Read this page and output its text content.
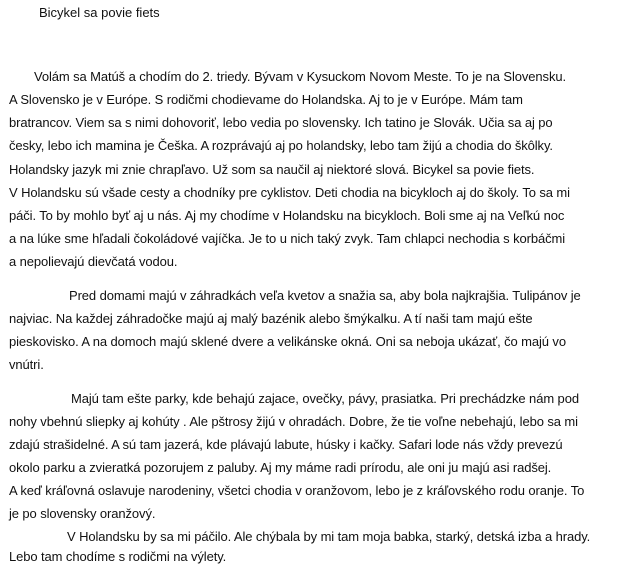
Bicykel sa povie fiets
Volám sa Matúš a chodím do 2. triedy. Bývam v Kysuckom Novom Meste. To je na Slovensku.
A Slovensko je v Európe. S rodičmi chodievame do Holandska. Aj to je v Európe. Mám tam
bratrancov. Viem sa s nimi dohovoriť, lebo vedia po slovensky. Ich tatino je Slovák. Učia sa aj po
česky, lebo ich mamina je Češka. A rozprávajú aj po holandsky, lebo tam žijú a chodia do škôlky.
Holandsky jazyk mi znie chrapľavo. Už som sa naučil aj niektoré slová. Bicykel sa povie fiets.
V Holandsku sú všade cesty a chodníky pre cyklistov. Deti chodia na bicykloch aj do školy. To sa mi
páči. To by mohlo byť aj u nás. Aj my chodíme v Holandsku na bicykloch. Boli sme aj na Veľkú noc
a na lúke sme hľadali čokoládové vajíčka. Je to u nich taký zvyk. Tam chlapci nechodia s korbáčmi
a nepolievajú dievčatá vodou.
Pred domami majú v záhradkách veľa kvetov a snažia sa, aby bola najkrajšia. Tulipánov je
najviac. Na každej záhradočke majú aj malý bazénik alebo šmýkalku. A tí naši tam majú ešte
pieskovisko. A na domoch majú sklené dvere a velikánske okná. Oni sa neboja ukázať, čo majú vo
vnútri.
Majú tam ešte parky, kde behajú zajace, ovečky, pávy, prasiatka. Pri prechádzke nám pod
nohy vbehnú sliepky aj kohúty . Ale pštrosy žijú v ohradách. Dobre, že tie voľne nebehajú, lebo sa mi
zdajú strašidelné. A sú tam jazerá, kde plávajú labute, húsky i kačky. Safari lode nás vždy prevezú
okolo parku a zvieratká pozorujem z paluby. Aj my máme radi prírodu, ale oni ju majú asi radšej.
A keď kráľovná oslavuje narodeniny, všetci chodia v oranžovom, lebo je z kráľovského rodu oranje. To
je po slovensky oranžový.
V Holandsku by sa mi páčilo. Ale chýbala by mi tam moja babka, starký, detská izba a hrady.
Lebo tam chodíme s rodičmi na výlety.
